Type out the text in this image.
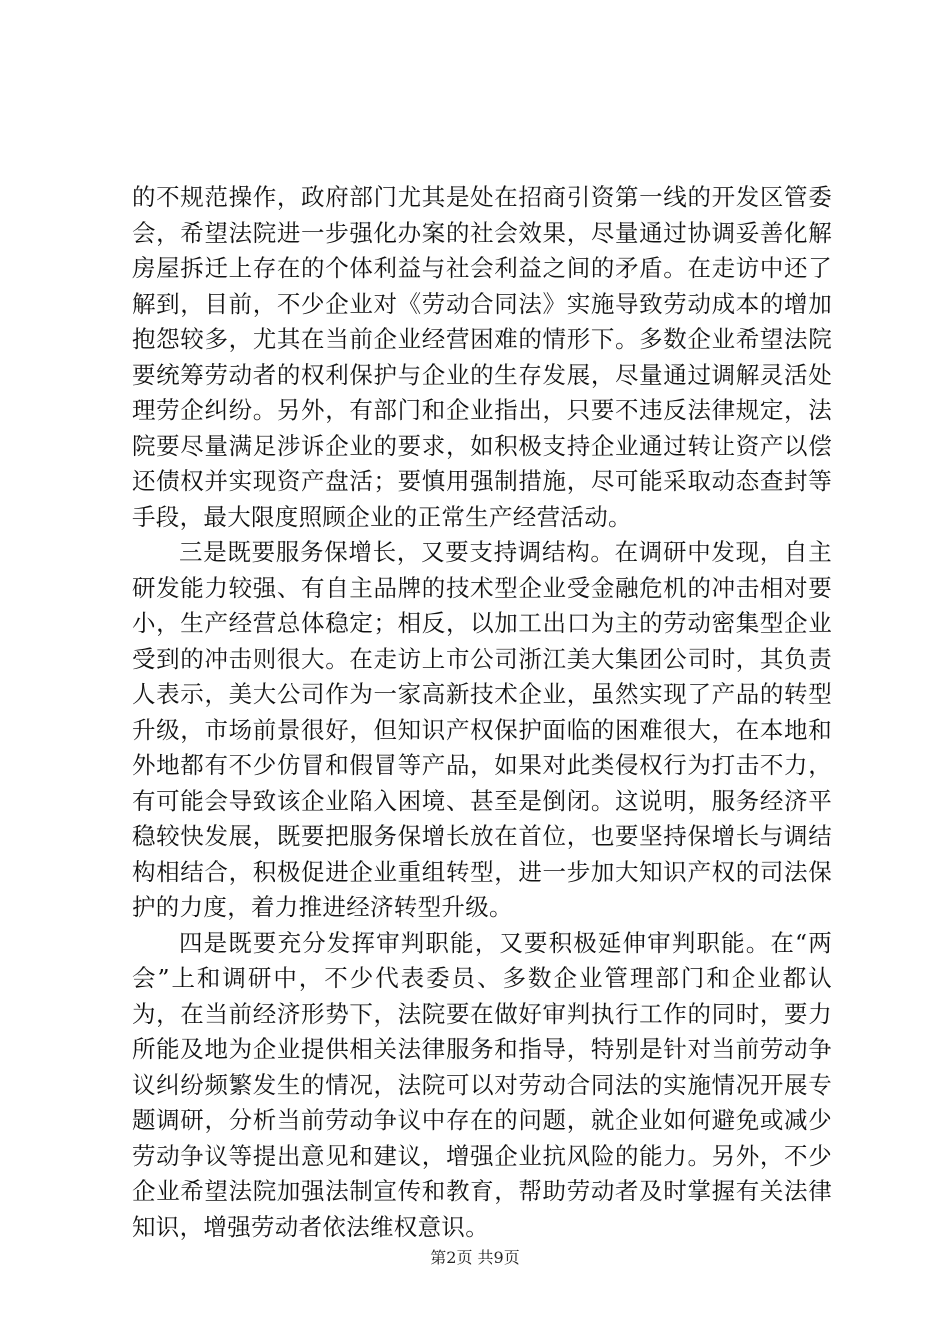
的不规范操作，政府部门尤其是处在招商引资第一线的开发区管委会，希望法院进一步强化办案的社会效果，尽量通过协调妥善化解房屋拆迁上存在的个体利益与社会利益之间的矛盾。在走访中还了解到，目前，不少企业对《劳动合同法》实施导致劳动成本的增加抱怨较多，尤其在当前企业经营困难的情形下。多数企业希望法院要统筹劳动者的权利保护与企业的生存发展，尽量通过调解灵活处理劳企纠纷。另外，有部门和企业指出，只要不违反法律规定，法院要尽量满足涉诉企业的要求，如积极支持企业通过转让资产以偿还债权并实现资产盘活；要慎用强制措施，尽可能采取动态查封等手段，最大限度照顾企业的正常生产经营活动。

三是既要服务保增长，又要支持调结构。在调研中发现，自主研发能力较强、有自主品牌的技术型企业受金融危机的冲击相对要小，生产经营总体稳定；相反，以加工出口为主的劳动密集型企业受到的冲击则很大。在走访上市公司浙江美大集团公司时，其负责人表示，美大公司作为一家高新技术企业，虽然实现了产品的转型升级，市场前景很好，但知识产权保护面临的困难很大，在本地和外地都有不少仿冒和假冒等产品，如果对此类侵权行为打击不力，有可能会导致该企业陷入困境、甚至是倒闭。这说明，服务经济平稳较快发展，既要把服务保增长放在首位，也要坚持保增长与调结构相结合，积极促进企业重组转型，进一步加大知识产权的司法保护的力度，着力推进经济转型升级。

四是既要充分发挥审判职能，又要积极延伸审判职能。在“两会”上和调研中，不少代表委员、多数企业管理部门和企业都认为，在当前经济形势下，法院要在做好审判执行工作的同时，要力所能及地为企业提供相关法律服务和指导，特别是针对当前劳动争议纠纷频繁发生的情况，法院可以对劳动合同法的实施情况开展专题调研，分析当前劳动争议中存在的问题，就企业如何避免或减少劳动争议等提出意见和建议，增强企业抗风险的能力。另外，不少企业希望法院加强法制宣传和教育，帮助劳动者及时掌握有关法律知识，增强劳动者依法维权意识。

第2页 共9页
